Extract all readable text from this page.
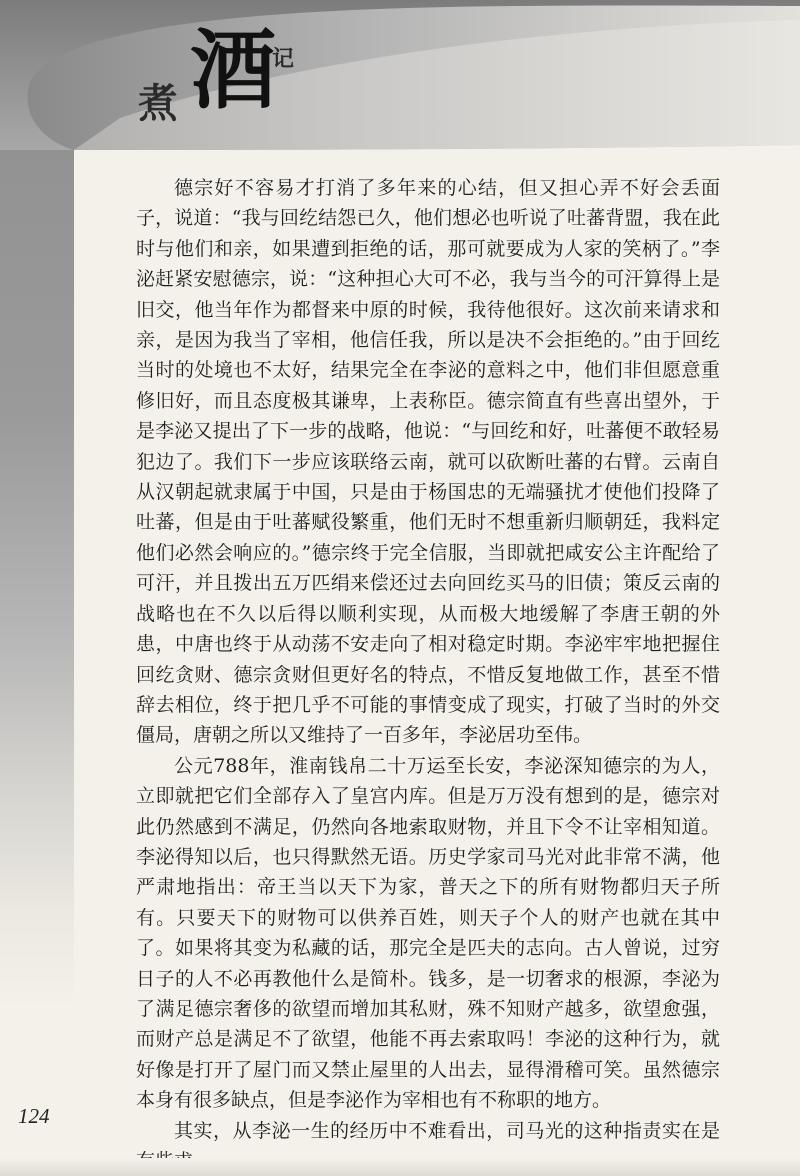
煮 酒
记

德宗好不容易才打消了多年来的心结，但又担心弄不好会丢面子，说道：“我与回纥结怨已久，他们想必也听说了吐蕃背盟，我在此时与他们和亲，如果遭到拒绝的话，那可就要成为人家的笑柄了。”李泌赶紧安慰德宗，说：“这种担心大可不必，我与当今的可汗算得上是旧交，他当年作为都督来中原的时候，我待他很好。这次前来请求和亲，是因为我当了宰相，他信任我，所以是决不会拒绝的。”由于回纥当时的处境也不太好，结果完全在李泌的意料之中，他们非但愿意重修旧好，而且态度极其谦卑，上表称臣。德宗简直有些喜出望外，于是李泌又提出了下一步的战略，他说：“与回纥和好，吐蕃便不敢轻易犯边了。我们下一步应该联络云南，就可以砍断吐蕃的右臂。云南自从汉朝起就隶属于中国，只是由于杨国忠的无端骚扰才使他们投降了吐蕃，但是由于吐蕃赋役繁重，他们无时不想重新归顺朝廷，我料定他们必然会响应的。”德宗终于完全信服，当即就把咸安公主许配给了可汗，并且拨出五万匹绢来偿还过去向回纥买马的旧债；策反云南的战略也在不久以后得以顺利实现，从而极大地缓解了李唐王朝的外患，中唐也终于从动荡不安走向了相对稳定时期。李泌牢牢地把握住回纥贪财、德宗贪财但更好名的特点，不惜反复地做工作，甚至不惜辞去相位，终于把几乎不可能的事情变成了现实，打破了当时的外交僵局，唐朝之所以又维持了一百多年，李泌居功至伟。

公元788年，淮南钱帛二十万运至长安，李泌深知德宗的为人，立即就把它们全部存入了皇宫内库。但是万万没有想到的是，德宗对此仍然感到不满足，仍然向各地索取财物，并且下令不让宰相知道。李泌得知以后，也只得默然无语。历史学家司马光对此非常不满，他严肃地指出：帝王当以天下为家，普天之下的所有财物都归天子所有。只要天下的财物可以供养百姓，则天子个人的财产也就在其中了。如果将其变为私藏的话，那完全是匹夫的志向。古人曾说，过穷日子的人不必再教他什么是简朴。钱多，是一切奢求的根源，李泌为了满足德宗奢侈的欲望而增加其私财，殊不知财产越多，欲望愈强，而财产总是满足不了欲望，他能不再去索取吗！李泌的这种行为，就好像是打开了屋门而又禁止屋里的人出去，显得滑稽可笑。虽然德宗本身有很多缺点，但是李泌作为宰相也有不称职的地方。

其实，从李泌一生的经历中不难看出，司马光的这种指责实在是

124
